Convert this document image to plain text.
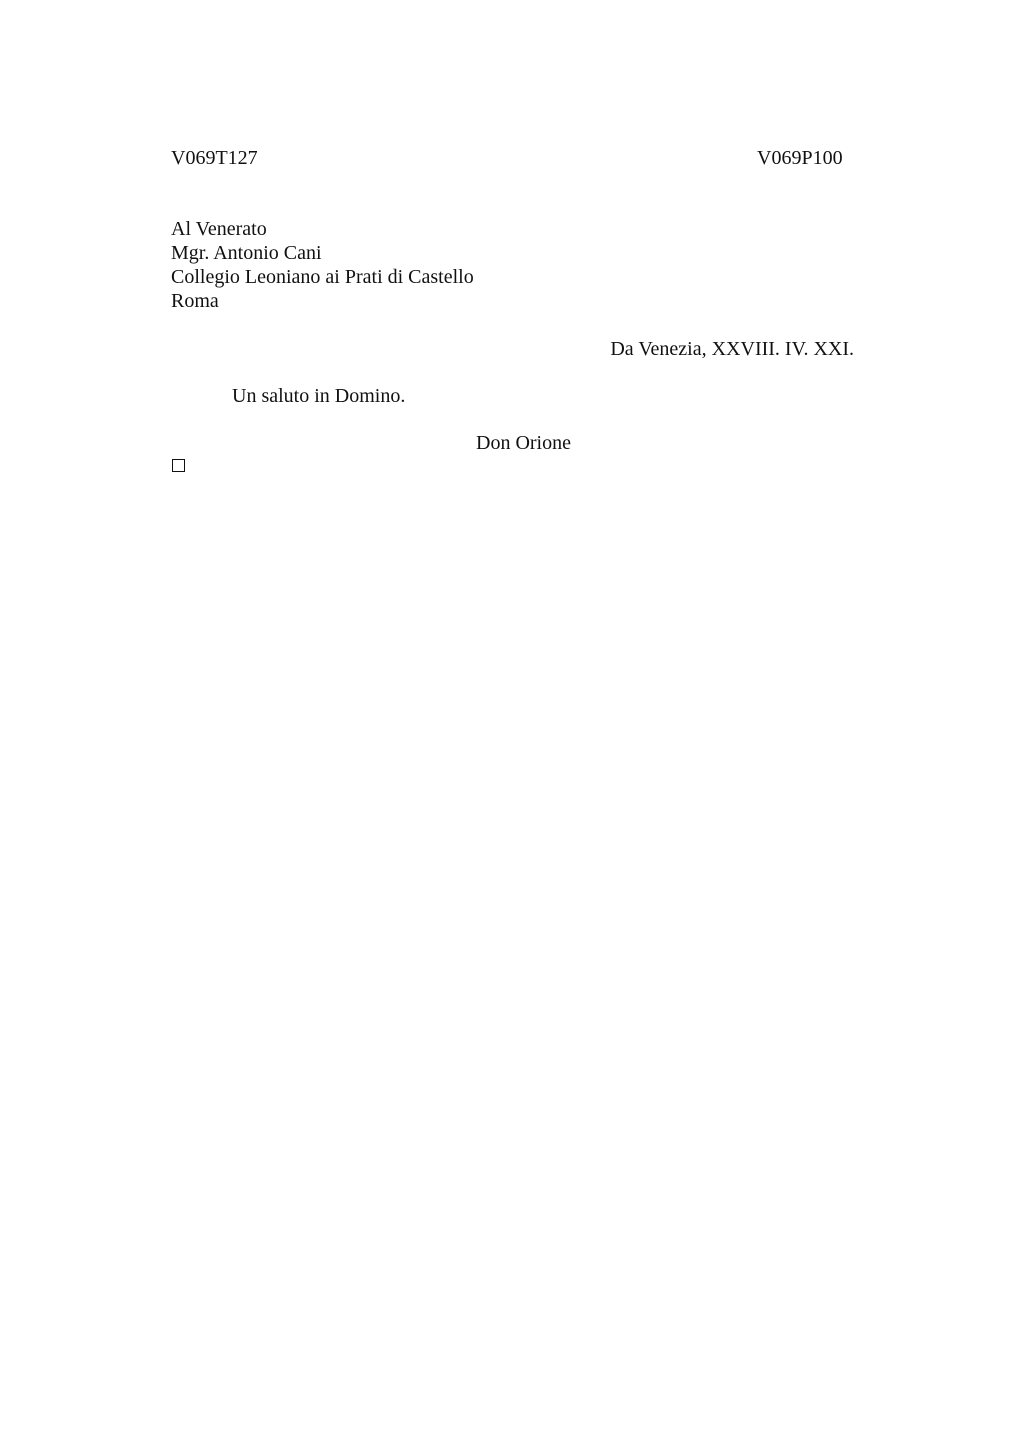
V069T127	V069P100
Al Venerato
Mgr. Antonio Cani
Collegio Leoniano ai Prati di Castello
Roma
Da Venezia, XXVIII. IV. XXI.
Un saluto in Domino.
Don Orione
